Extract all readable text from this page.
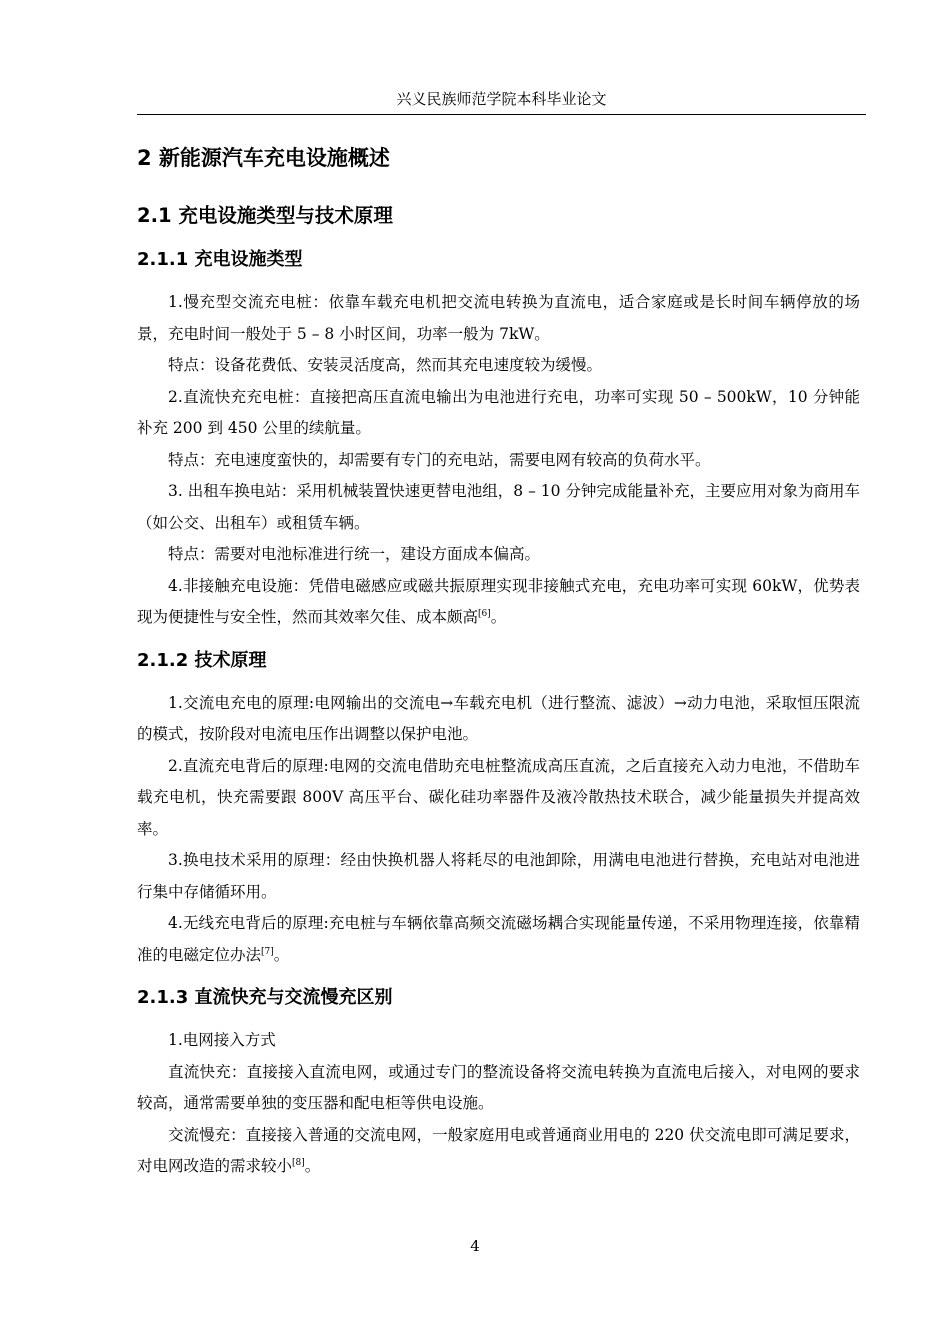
兴义民族师范学院本科毕业论文
2 新能源汽车充电设施概述
2.1 充电设施类型与技术原理
2.1.1 充电设施类型

1.慢充型交流充电桩：依靠车载充电机把交流电转换为直流电，适合家庭或是长时间车辆停放的场景，充电时间一般处于 5 – 8 小时区间，功率一般为 7kW。

特点：设备花费低、安装灵活度高，然而其充电速度较为缓慢。

2.直流快充充电桩：直接把高压直流电输出为电池进行充电，功率可实现 50 – 500kW，10 分钟能补充 200 到 450 公里的续航量。

特点：充电速度蛮快的，却需要有专门的充电站，需要电网有较高的负荷水平。

3. 出租车换电站：采用机械装置快速更替电池组，8 – 10 分钟完成能量补充，主要应用对象为商用车（如公交、出租车）或租赁车辆。

特点：需要对电池标准进行统一，建设方面成本偏高。

4.非接触充电设施：凭借电磁感应或磁共振原理实现非接触式充电，充电功率可实现 60kW，优势表现为便捷性与安全性，然而其效率欠佳、成本颇高[6]。

2.1.2 技术原理

1.交流电充电的原理:电网输出的交流电→车载充电机（进行整流、滤波）→动力电池，采取恒压限流的模式，按阶段对电流电压作出调整以保护电池。

2.直流充电背后的原理:电网的交流电借助充电桩整流成高压直流，之后直接充入动力电池，不借助车载充电机，快充需要跟 800V 高压平台、碳化硅功率器件及液冷散热技术联合，减少能量损失并提高效率。

3.换电技术采用的原理：经由快换机器人将耗尽的电池卸除，用满电电池进行替换，充电站对电池进行集中存储循环用。

4.无线充电背后的原理:充电桩与车辆依靠高频交流磁场耦合实现能量传递，不采用物理连接，依靠精准的电磁定位办法[7]。

2.1.3 直流快充与交流慢充区别

1.电网接入方式

直流快充：直接接入直流电网，或通过专门的整流设备将交流电转换为直流电后接入，对电网的要求较高，通常需要单独的变压器和配电柜等供电设施。

交流慢充：直接接入普通的交流电网，一般家庭用电或普通商业用电的 220 伏交流电即可满足要求，对电网改造的需求较小[8]。

4
